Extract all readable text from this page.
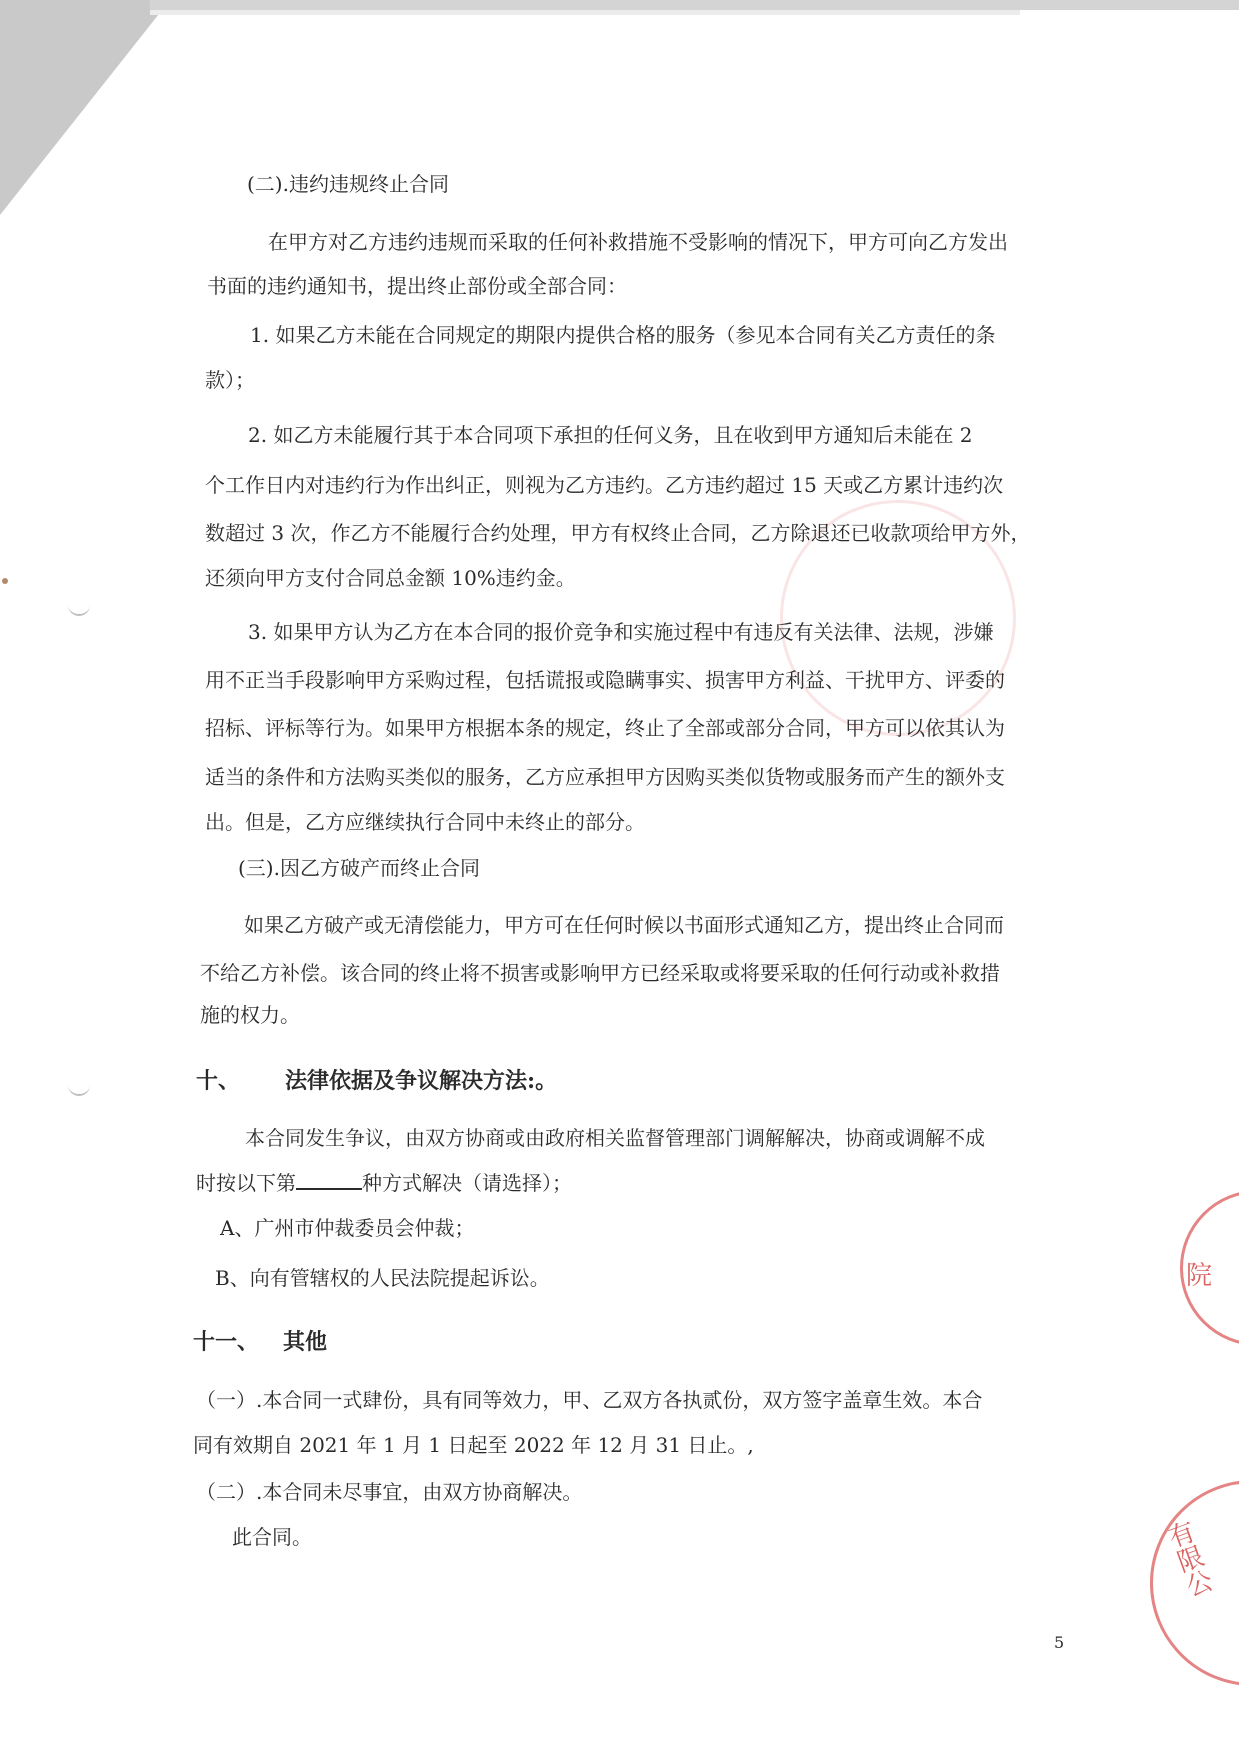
院
有限公
(二).违约违规终止合同
在甲方对乙方违约违规而采取的任何补救措施不受影响的情况下，甲方可向乙方发出
书面的违约通知书，提出终止部份或全部合同：
1. 如果乙方未能在合同规定的期限内提供合格的服务（参见本合同有关乙方责任的条
款）；
2. 如乙方未能履行其于本合同项下承担的任何义务，且在收到甲方通知后未能在 2
个工作日内对违约行为作出纠正，则视为乙方违约。乙方违约超过 15 天或乙方累计违约次
数超过 3 次，作乙方不能履行合约处理，甲方有权终止合同，乙方除退还已收款项给甲方外，
还须向甲方支付合同总金额 10%违约金。
3. 如果甲方认为乙方在本合同的报价竞争和实施过程中有违反有关法律、法规，涉嫌
用不正当手段影响甲方采购过程，包括谎报或隐瞒事实、损害甲方利益、干扰甲方、评委的
招标、评标等行为。如果甲方根据本条的规定，终止了全部或部分合同，甲方可以依其认为
适当的条件和方法购买类似的服务，乙方应承担甲方因购买类似货物或服务而产生的额外支
出。但是，乙方应继续执行合同中未终止的部分。
(三).因乙方破产而终止合同
如果乙方破产或无清偿能力，甲方可在任何时候以书面形式通知乙方，提出终止合同而
不给乙方补偿。该合同的终止将不损害或影响甲方已经采取或将要采取的任何行动或补救措
施的权力。
十、 法律依据及争议解决方法:。
本合同发生争议，由双方协商或由政府相关监督管理部门调解解决，协商或调解不成
时按以下第	种方式解决（请选择）；
A、广州市仲裁委员会仲裁；
B、向有管辖权的人民法院提起诉讼。
十一、 其他
（一）.本合同一式肆份，具有同等效力，甲、乙双方各执贰份，双方签字盖章生效。本合
同有效期自 2021 年 1 月 1 日起至 2022 年 12 月 31 日止。,
（二）.本合同未尽事宜，由双方协商解决。
此合同。
5
